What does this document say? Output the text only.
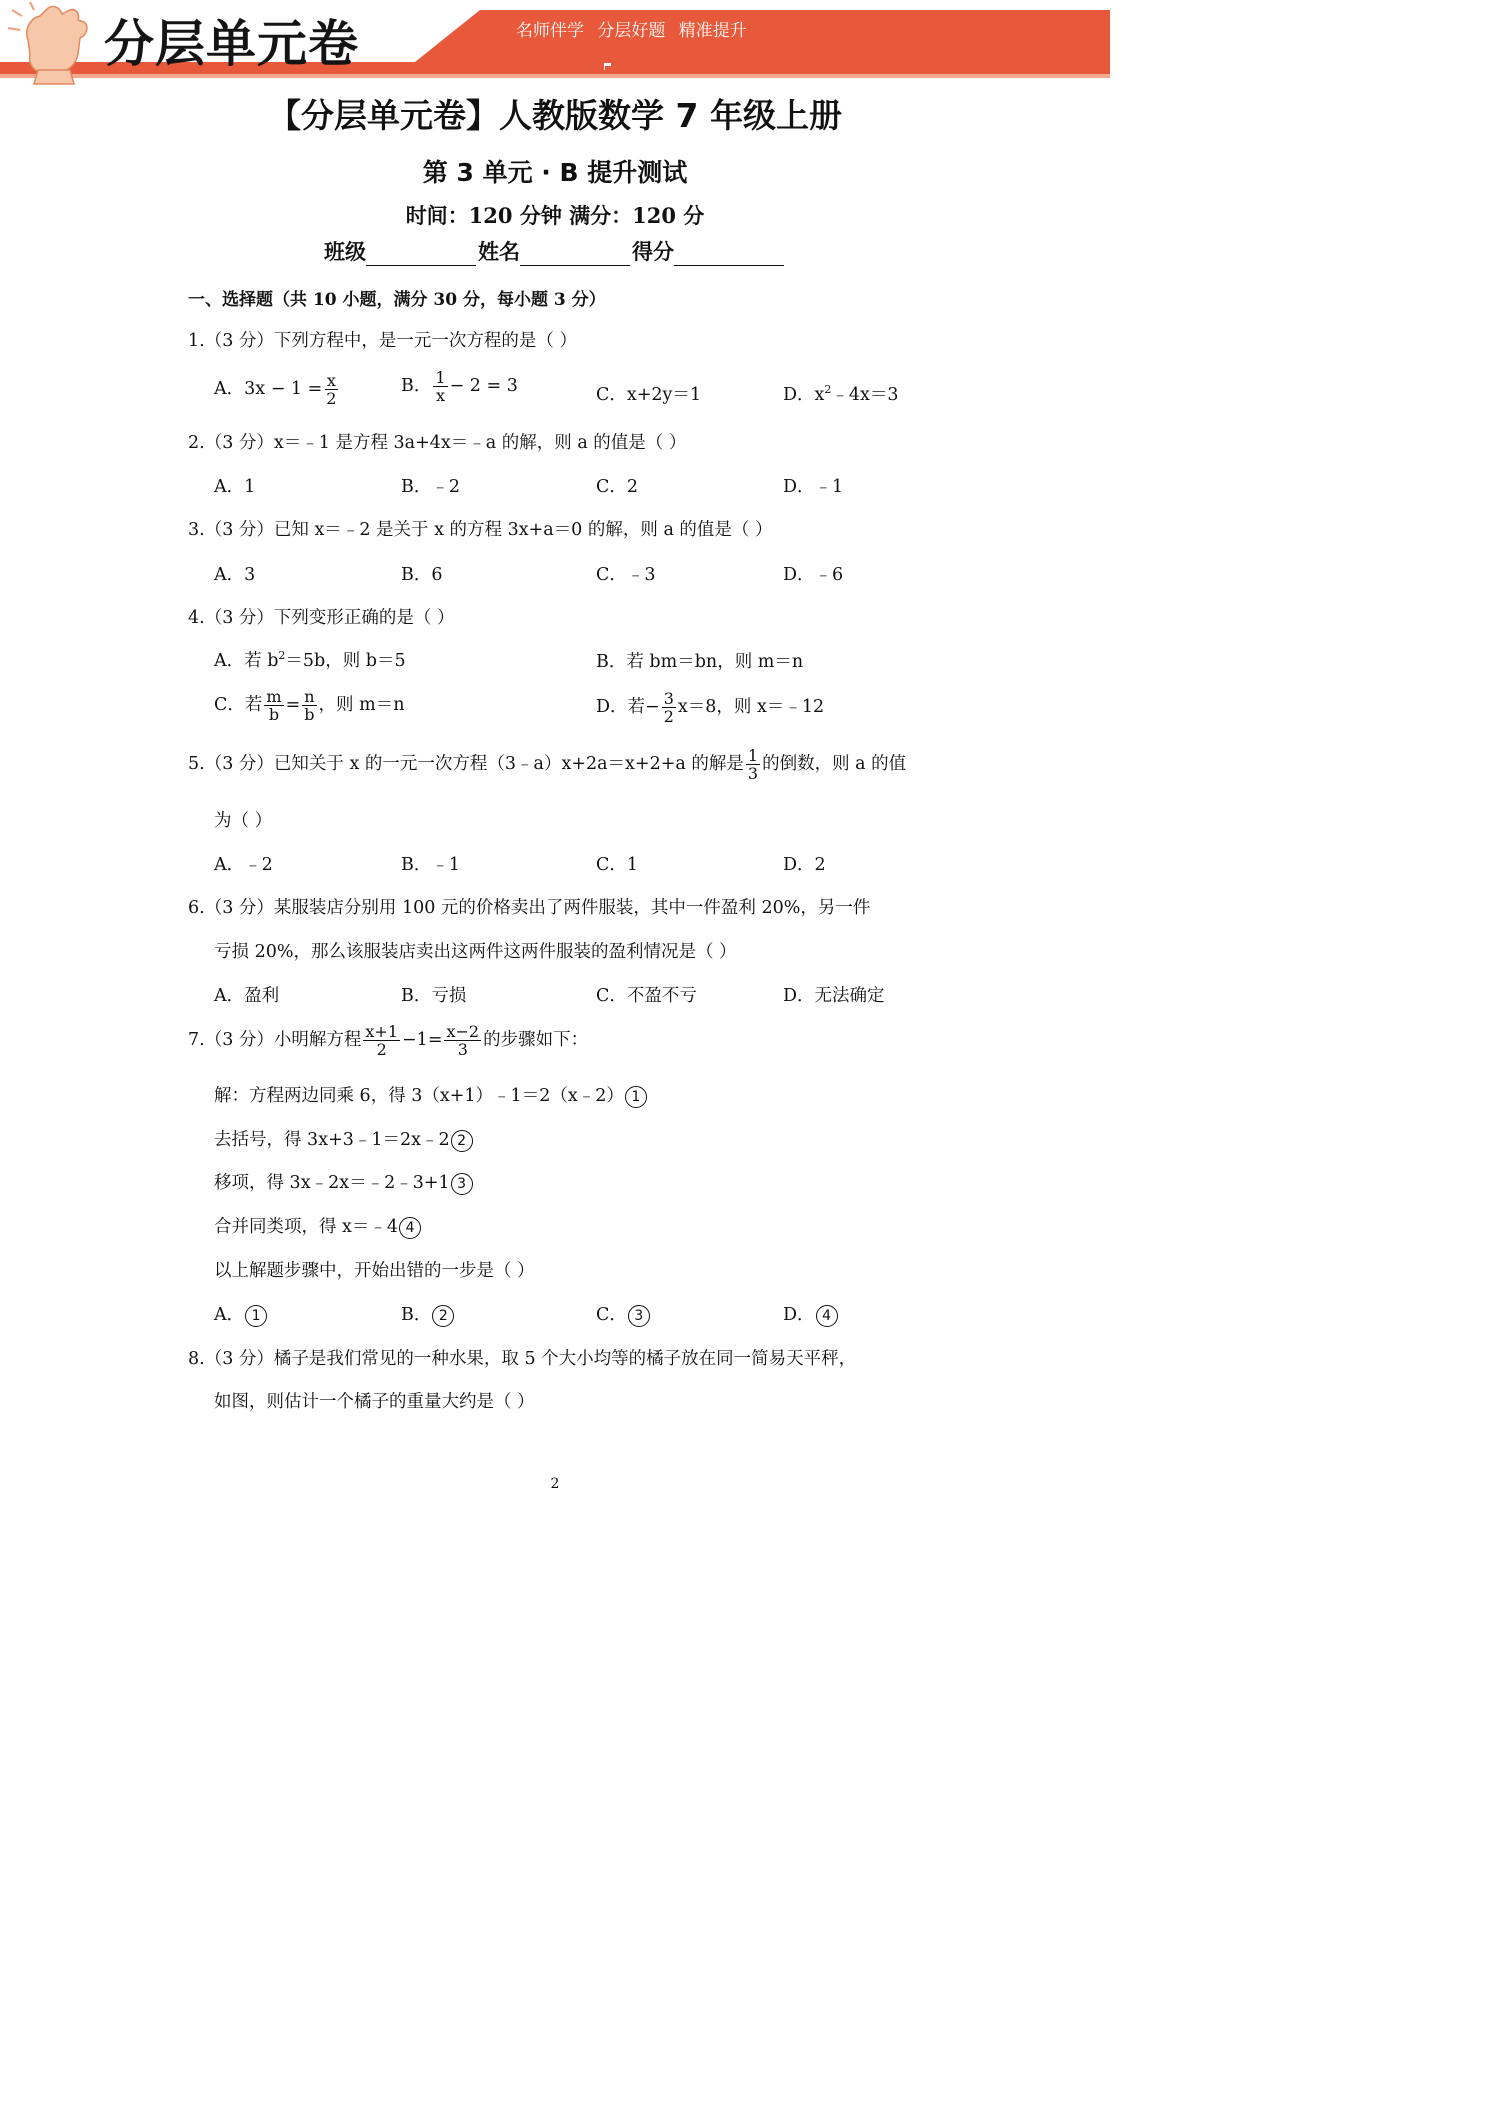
分层单元卷	名师伴学 分层好题 精准提升
【分层单元卷】人教版数学 7 年级上册
第 3 单元 · B 提升测试
时间：120 分钟 满分：120 分
班级	姓名	得分
一、选择题（共 10 小题，满分 30 分，每小题 3 分）
1.（3 分）下列方程中，是一元一次方程的是（ ）
A．$3x - 1 = \frac{x}{2}$	B． $\frac{1}{x} - 2 = 3$	C．x+2y＝1	D．$x^2﹣4x=3$
2.（3 分）x＝﹣1 是方程 3a+4x＝﹣a 的解，则 a 的值是（ ）
A．1	B．﹣2	C．2	D．﹣1
3.（3 分）已知 x＝﹣2 是关于 x 的方程 3x+a＝0 的解，则 a 的值是（ ）
A．3	B．6	C．﹣3	D．﹣6
4.（3 分）下列变形正确的是（ ）
A．若 $b^2=5b$，则 b＝5	B．若 bm＝bn，则 m＝n
C．若 $\frac{m}{b} = \frac{n}{b}$ ，则 m＝n	D．若− $\frac{3}{2} x=8$，则 x＝﹣12
5.（3 分）已知关于 x 的一元一次方程（3﹣a）x+2a＝x+2+a 的解是 $\frac{1}{3}$ 的倒数，则 a 的值
为（ ）
A．﹣2	B．﹣1	C．1	D．2
6.（3 分）某服装店分别用 100 元的价格卖出了两件服装，其中一件盈利 20%，另一件
亏损 20%，那么该服装店卖出这两件这两件服装的盈利情况是（ ）
A．盈利	B．亏损	C．不盈不亏	D．无法确定
7.（3 分）小明解方程 $\frac{x+1}{2} -1= \frac{x-2}{3}$ 的步骤如下：
解：方程两边同乘 6，得 3（x+1）﹣1＝2（x﹣2） 1
去括号，得 3x+3﹣1＝2x﹣2 2
移项，得 3x﹣2x＝﹣2﹣3+1 3
合并同类项，得 x＝﹣4 4
以上解题步骤中，开始出错的一步是（ ）
A． 1	B． 2	C． 3	D． 4
8.（3 分）橘子是我们常见的一种水果，取 5 个大小均等的橘子放在同一简易天平秤，
如图，则估计一个橘子的重量大约是（ ）
2
